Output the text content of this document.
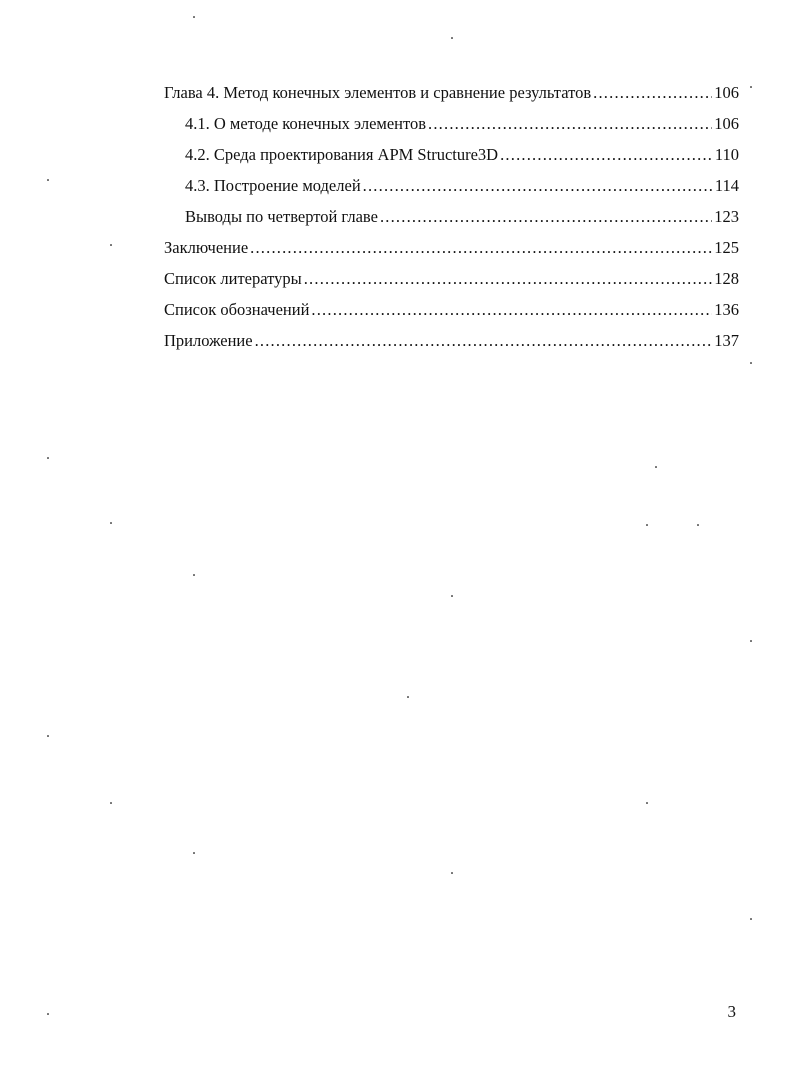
Глава 4. Метод конечных элементов и сравнение результатов .....	106
4.1. О методе конечных элементов .....	106
4.2. Среда проектирования APM Structure3D .....	110
4.3. Построение моделей .....	114
Выводы по четвертой главе .....	123
Заключение .....	125
Список литературы .....	128
Список обозначений .....	136
Приложение .....	137
3
